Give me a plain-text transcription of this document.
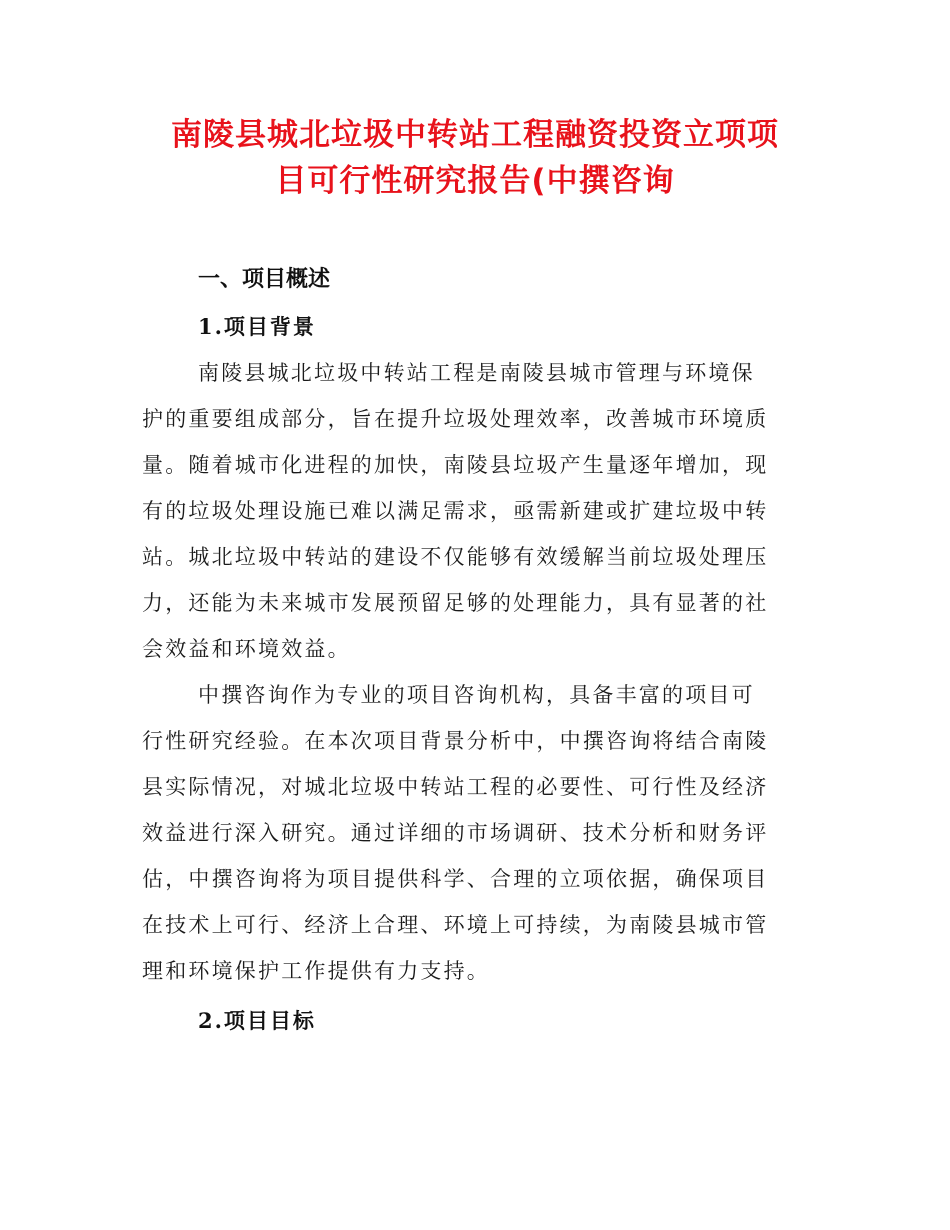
南陵县城北垃圾中转站工程融资投资立项项
目可行性研究报告(中撰咨询
一、项目概述
1.项目背景
南陵县城北垃圾中转站工程是南陵县城市管理与环境保
护的重要组成部分，旨在提升垃圾处理效率，改善城市环境质
量。随着城市化进程的加快，南陵县垃圾产生量逐年增加，现
有的垃圾处理设施已难以满足需求，亟需新建或扩建垃圾中转
站。城北垃圾中转站的建设不仅能够有效缓解当前垃圾处理压
力，还能为未来城市发展预留足够的处理能力，具有显著的社
会效益和环境效益。
中撰咨询作为专业的项目咨询机构，具备丰富的项目可
行性研究经验。在本次项目背景分析中，中撰咨询将结合南陵
县实际情况，对城北垃圾中转站工程的必要性、可行性及经济
效益进行深入研究。通过详细的市场调研、技术分析和财务评
估，中撰咨询将为项目提供科学、合理的立项依据，确保项目
在技术上可行、经济上合理、环境上可持续，为南陵县城市管
理和环境保护工作提供有力支持。
2.项目目标
